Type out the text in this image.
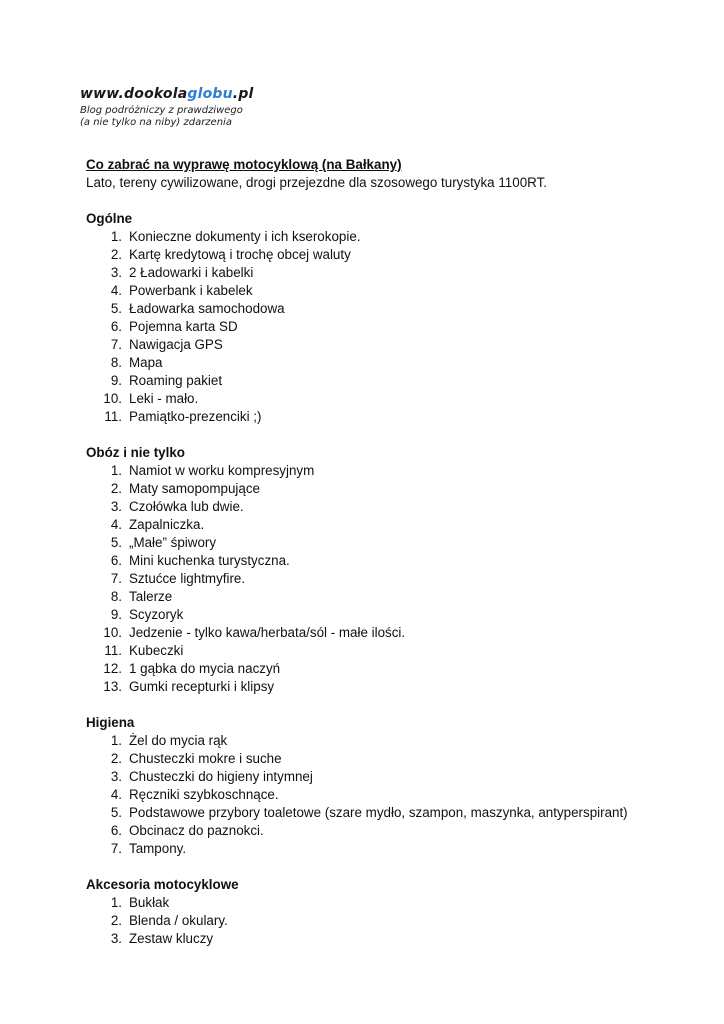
www.dookolaglobu.pl
Blog podróżniczy z prawdziwego
(a nie tylko na niby) zdarzenia
Co zabrać na wyprawę motocyklową (na Bałkany)
Lato, tereny cywilizowane, drogi przejezdne dla szosowego turystyka 1100RT.
Ogólne
1. Konieczne dokumenty i ich kserokopie.
2. Kartę kredytową i trochę obcej waluty
3. 2 Ładowarki i kabelki
4. Powerbank i kabelek
5. Ładowarka samochodowa
6. Pojemna karta SD
7. Nawigacja GPS
8. Mapa
9. Roaming pakiet
10. Leki - mało.
11. Pamiątko-prezenciki ;)
Obóz i nie tylko
1. Namiot w worku kompresyjnym
2. Maty samopompujące
3. Czołówka lub dwie.
4. Zapalniczka.
5. „Małe” śpiwory
6. Mini kuchenka turystyczna.
7. Sztućce lightmyfire.
8. Talerze
9. Scyzoryk
10. Jedzenie - tylko kawa/herbata/sól - małe ilości.
11. Kubeczki
12. 1 gąbka do mycia naczyń
13. Gumki recepturki i klipsy
Higiena
1. Żel do mycia rąk
2. Chusteczki mokre i suche
3. Chusteczki do higieny intymnej
4. Ręczniki szybkoschnące.
5. Podstawowe przybory toaletowe (szare mydło, szampon, maszynka, antyperspirant)
6. Obcinacz do paznokci.
7. Tampony.
Akcesoria motocyklowe
1. Bukłak
2. Blenda / okulary.
3. Zestaw kluczy
